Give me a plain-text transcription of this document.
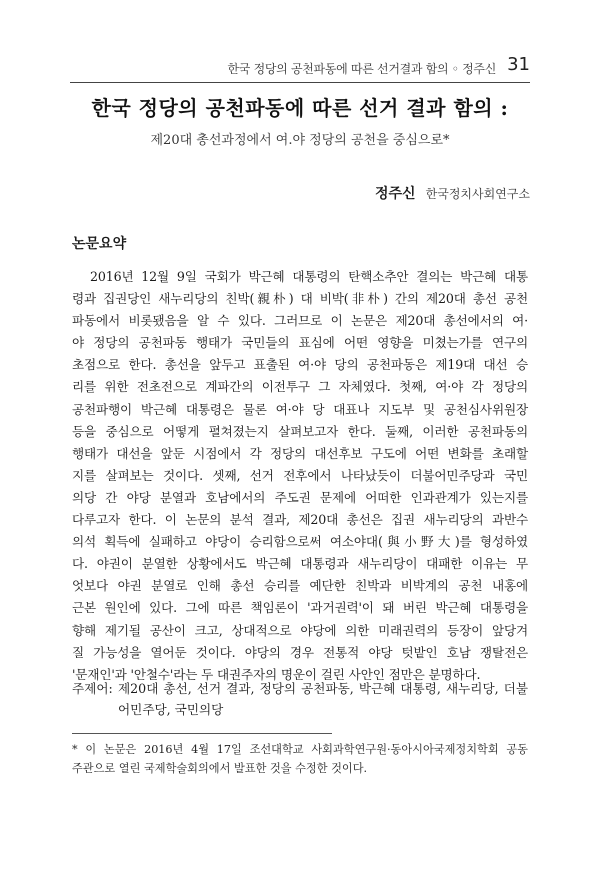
한국 정당의 공천파동에 따른 선거결과 함의 ◦ 정주신 31
한국 정당의 공천파동에 따른 선거 결과 함의 :
제20대 총선과정에서 여.야 정당의 공천을 중심으로*
정주신 한국정치사회연구소
논문요약
2016년 12월 9일 국회가 박근혜 대통령의 탄핵소추안 결의는 박근혜 대통
령과 집권당인 새누리당의 친박(親朴) 대 비박(非朴) 간의 제20대 총선 공천
파동에서 비롯됐음을 알 수 있다. 그러므로 이 논문은 제20대 총선에서의 여·
야 정당의 공천파동 행태가 국민들의 표심에 어떤 영향을 미쳤는가를 연구의
초점으로 한다. 총선을 앞두고 표출된 여·야 당의 공천파동은 제19대 대선 승
리를 위한 전초전으로 계파간의 이전투구 그 자체였다. 첫째, 여·야 각 정당의
공천파행이 박근혜 대통령은 물론 여·야 당 대표나 지도부 및 공천심사위원장
등을 중심으로 어떻게 펼쳐졌는지 살펴보고자 한다. 둘째, 이러한 공천파동의
행태가 대선을 앞둔 시점에서 각 정당의 대선후보 구도에 어떤 변화를 초래할
지를 살펴보는 것이다. 셋째, 선거 전후에서 나타났듯이 더불어민주당과 국민
의당 간 야당 분열과 호남에서의 주도권 문제에 어떠한 인과관계가 있는지를
다루고자 한다. 이 논문의 분석 결과, 제20대 총선은 집권 새누리당의 과반수
의석 획득에 실패하고 야당이 승리함으로써 여소야대(與小野大)를 형성하였
다. 야권이 분열한 상황에서도 박근혜 대통령과 새누리당이 대패한 이유는 무
엇보다 야권 분열로 인해 총선 승리를 예단한 친박과 비박계의 공천 내홍에
근본 원인에 있다. 그에 따른 책임론이 '과거권력'이 돼 버린 박근혜 대통령을
향해 제기될 공산이 크고, 상대적으로 야당에 의한 미래권력의 등장이 앞당겨
질 가능성을 열어둔 것이다. 야당의 경우 전통적 야당 텃밭인 호남 쟁탈전은
'문재인'과 '안철수'라는 두 대권주자의 명운이 걸린 사안인 점만은 분명하다.
주제어: 제20대 총선, 선거 결과, 정당의 공천파동, 박근혜 대통령, 새누리당, 더불
어민주당, 국민의당
* 이 논문은 2016년 4월 17일 조선대학교 사회과학연구원·동아시아국제정치학회 공동
주관으로 열린 국제학술회의에서 발표한 것을 수정한 것이다.
